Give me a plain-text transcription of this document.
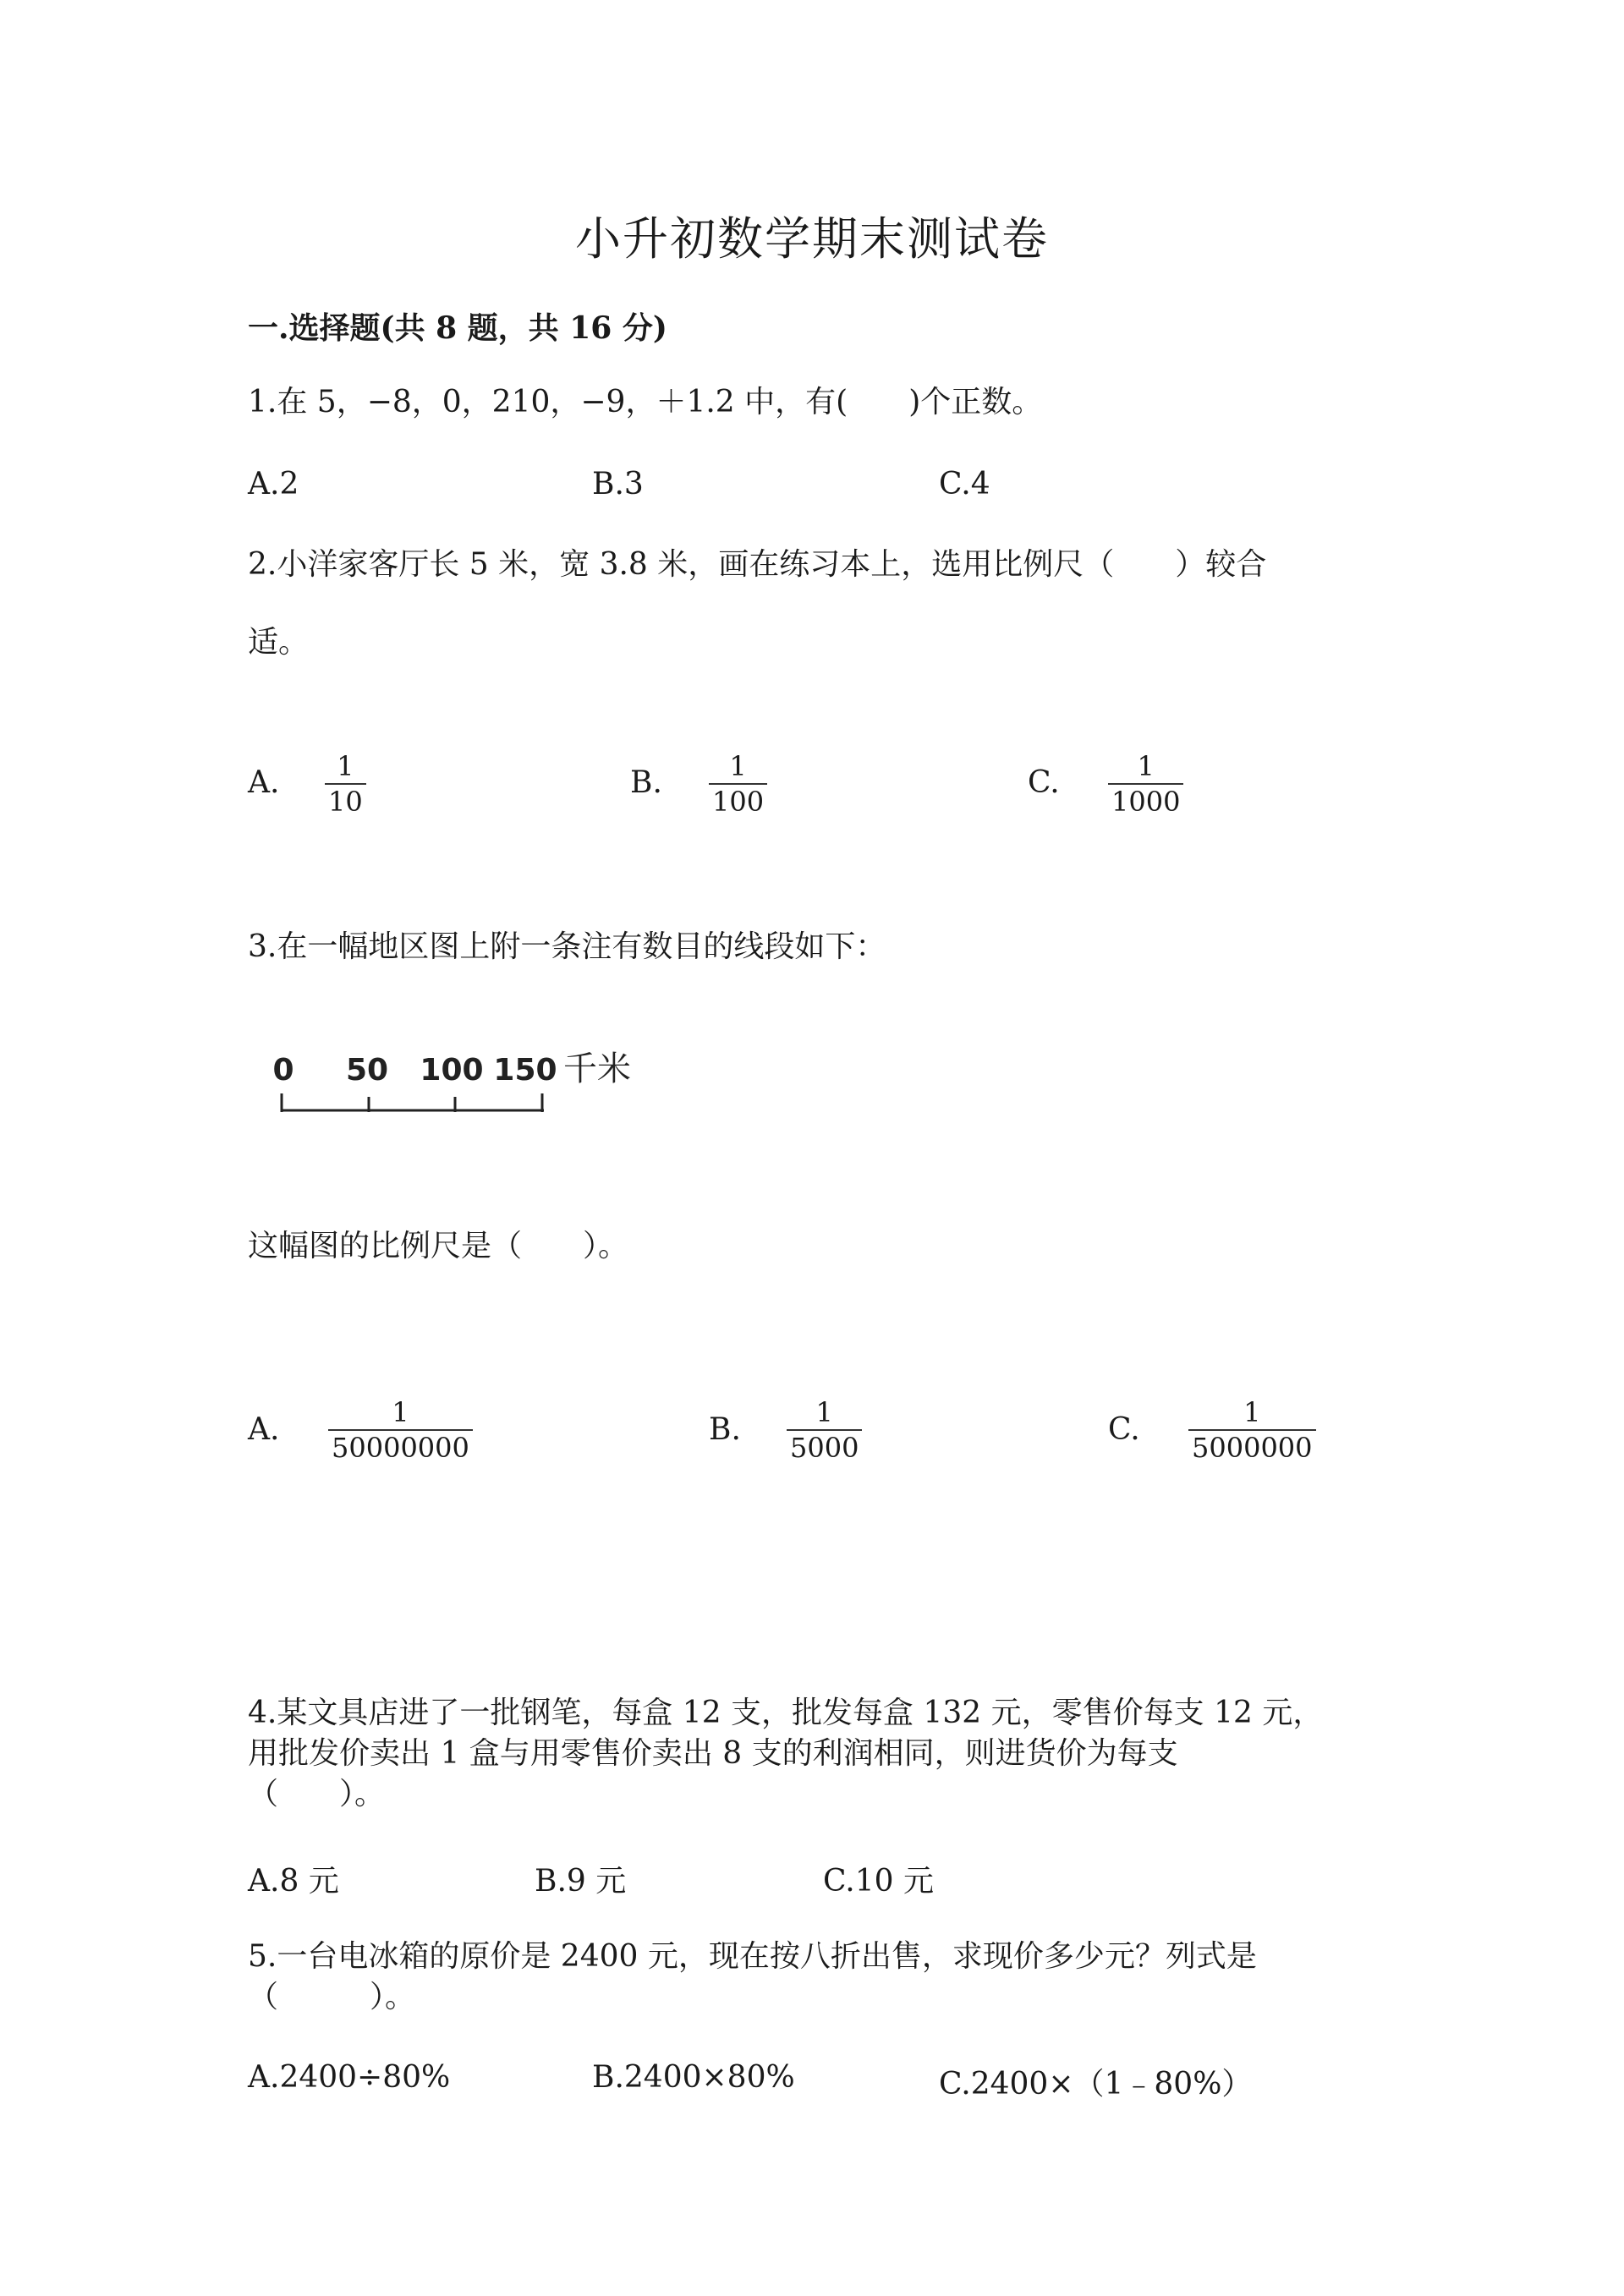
小升初数学期末测试卷
一.选择题(共 8 题，共 16 分)
1.在 5，−8，0，210，−9，＋1.2 中，有(　　)个正数。
A.2	B.3	C.4
2.小洋家客厅长 5 米，宽 3.8 米，画在练习本上，选用比例尺（　　）较合
适。
A. $\frac{1}{10}$	B. $\frac{1}{100}$	C. $\frac{1}{1000}$
3.在一幅地区图上附一条注有数目的线段如下：
0 50 100 150 千米
这幅图的比例尺是（　　）。
A. $\frac{1}{50000000}$	B. $\frac{1}{5000}$	C. $\frac{1}{5000000}$
4.某文具店进了一批钢笔，每盒 12 支，批发每盒 132 元，零售价每支 12 元，
用批发价卖出 1 盒与用零售价卖出 8 支的利润相同，则进货价为每支
（　　）。
A.8 元	B.9 元	C.10 元
5.一台电冰箱的原价是 2400 元，现在按八折出售，求现价多少元？列式是
（　　　）。
A.2400÷80%	B.2400×80%	C.2400×（1﹣80%）
